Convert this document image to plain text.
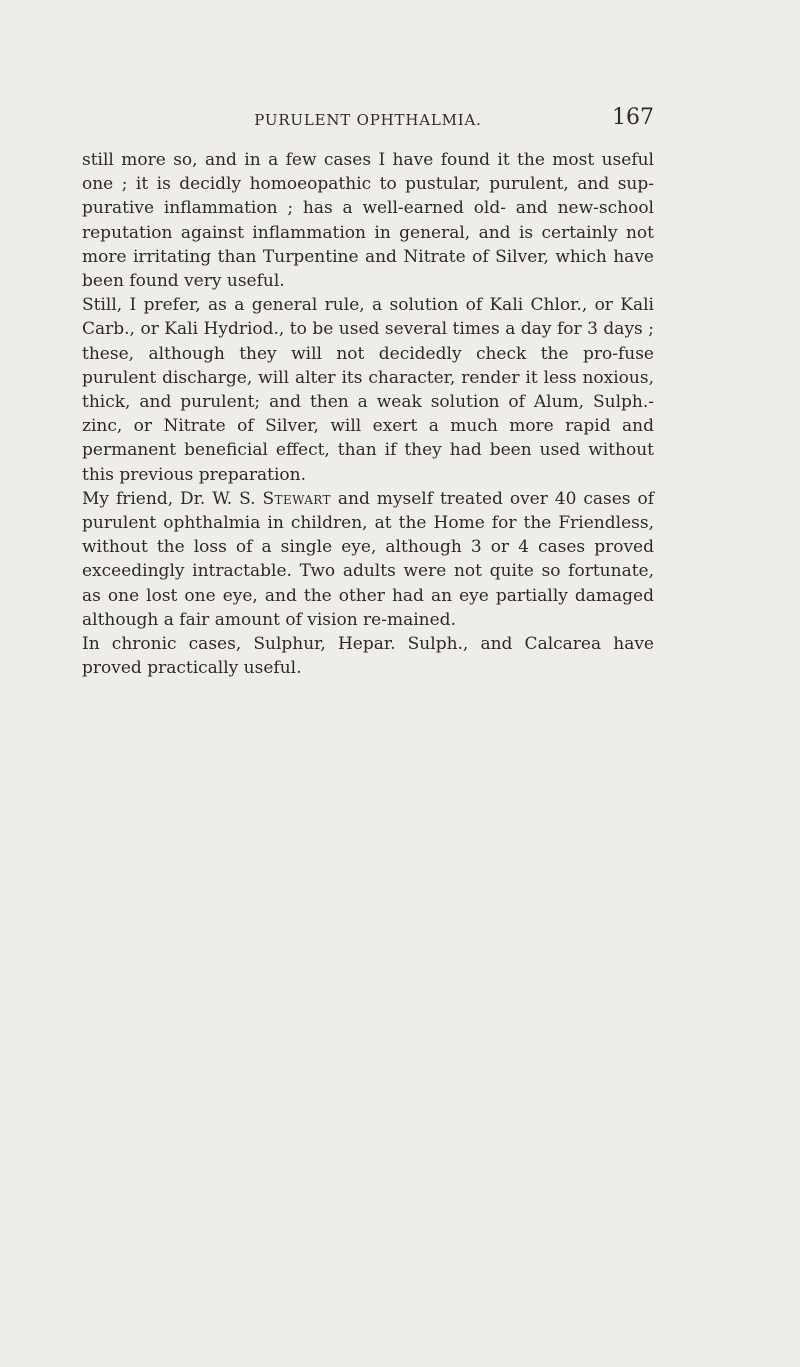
PURULENT OPHTHALMIA.	167

still more so, and in a few cases I have found it the most useful one ; it is decidly homoeopathic to pustular, purulent, and sup-purative inflammation ; has a well-earned old- and new-school reputation against inflammation in general, and is certainly not more irritating than Turpentine and Nitrate of Silver, which have been found very useful.

Still, I prefer, as a general rule, a solution of Kali Chlor., or Kali Carb., or Kali Hydriod., to be used several times a day for 3 days ; these, although they will not decidedly check the pro-fuse purulent discharge, will alter its character, render it less noxious, thick, and purulent; and then a weak solution of Alum, Sulph.-zinc, or Nitrate of Silver, will exert a much more rapid and permanent beneficial effect, than if they had been used without this previous preparation.

My friend, Dr. W. S. Stewart and myself treated over 40 cases of purulent ophthalmia in children, at the Home for the Friendless, without the loss of a single eye, although 3 or 4 cases proved exceedingly intractable. Two adults were not quite so fortunate, as one lost one eye, and the other had an eye partially damaged although a fair amount of vision re-mained.

In chronic cases, Sulphur, Hepar. Sulph., and Calcarea have proved practically useful.
